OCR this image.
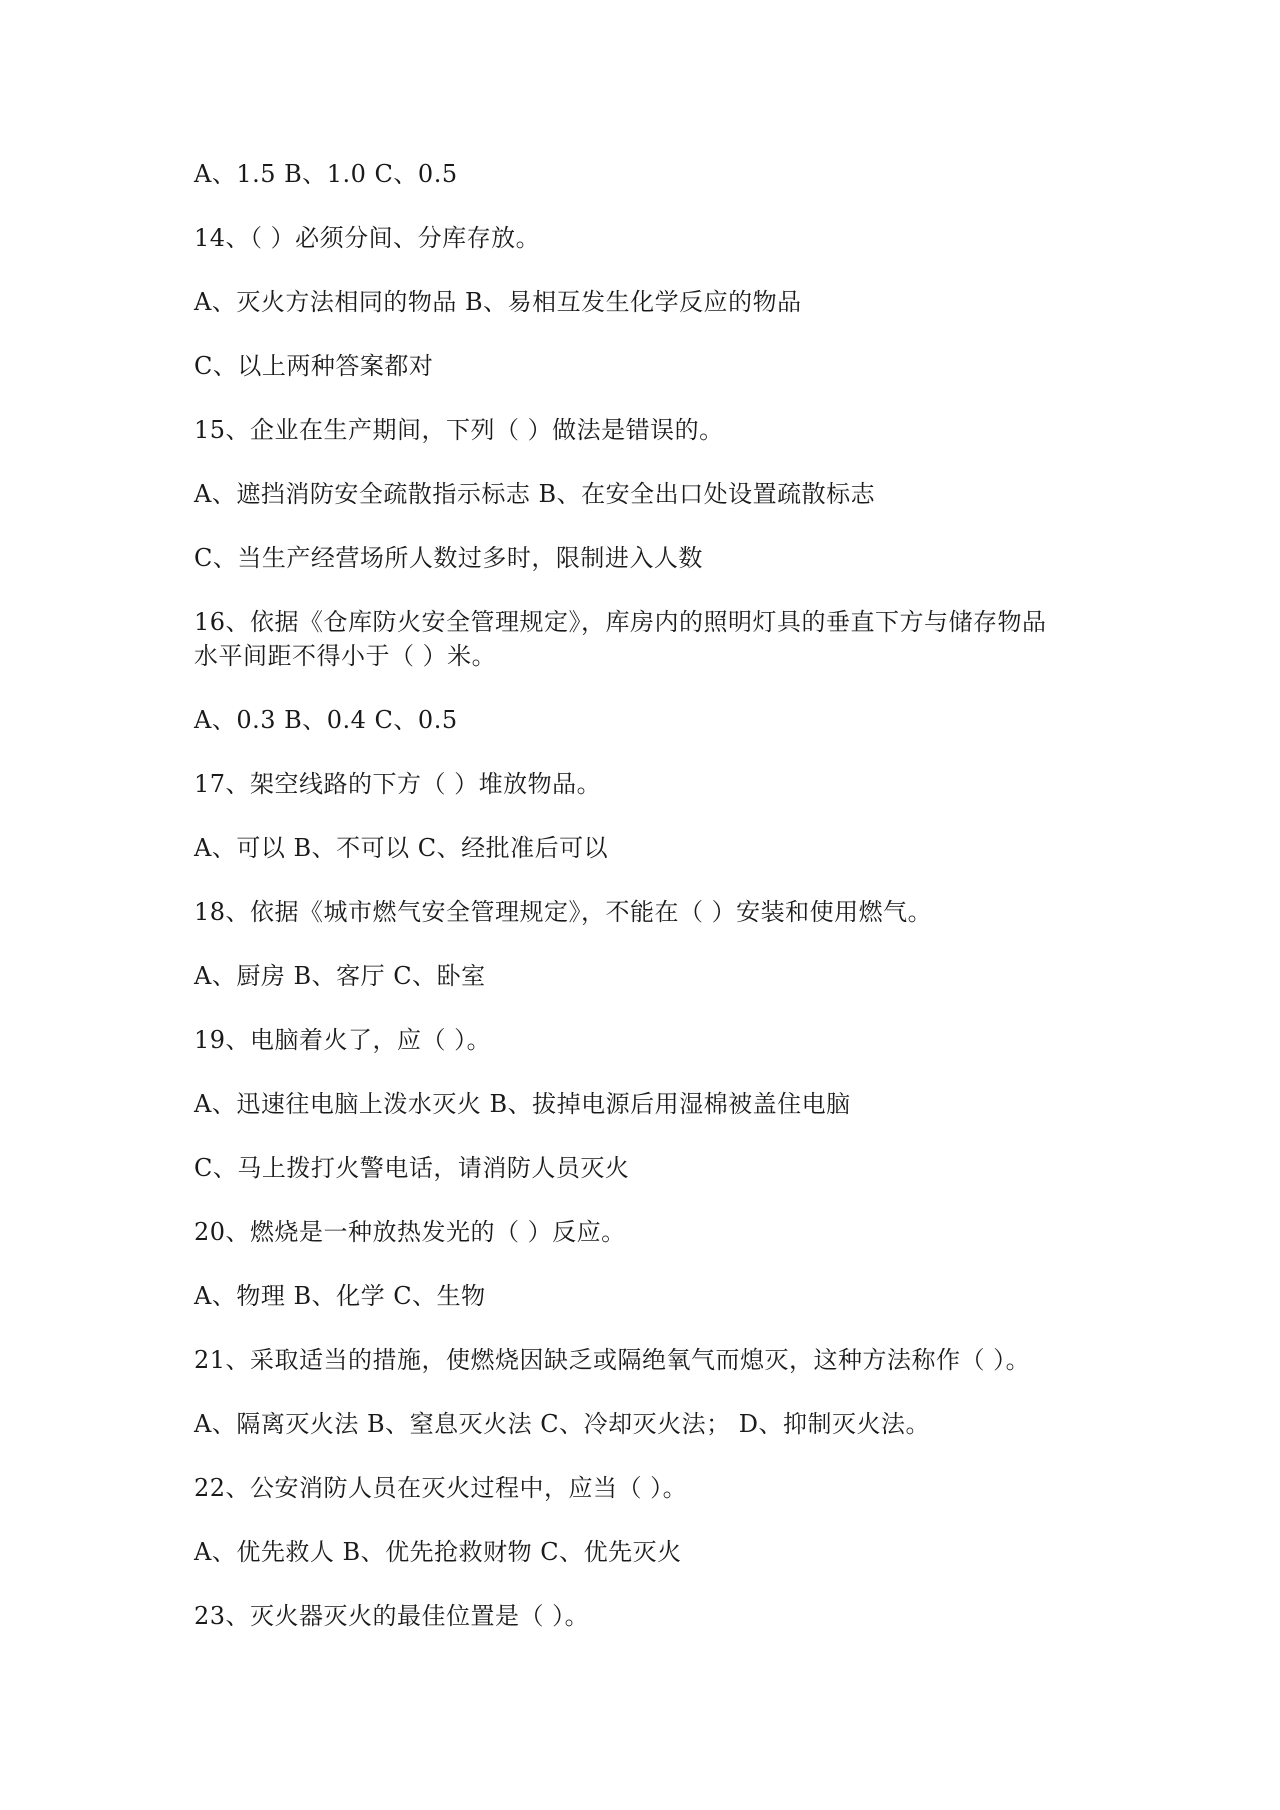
A、1.5 B、1.0 C、0.5
14、（ ）必须分间、分库存放。
A、灭火方法相同的物品 B、易相互发生化学反应的物品
C、以上两种答案都对
15、企业在生产期间，下列（ ）做法是错误的。
A、遮挡消防安全疏散指示标志 B、在安全出口处设置疏散标志
C、当生产经营场所人数过多时，限制进入人数
16、依据《仓库防火安全管理规定》，库房内的照明灯具的垂直下方与储存物品
水平间距不得小于（ ）米。
A、0.3 B、0.4 C、0.5
17、架空线路的下方（ ）堆放物品。
A、可以 B、不可以 C、经批准后可以
18、依据《城市燃气安全管理规定》，不能在（ ）安装和使用燃气。
A、厨房 B、客厅 C、卧室
19、电脑着火了，应（ ）。
A、迅速往电脑上泼水灭火 B、拔掉电源后用湿棉被盖住电脑
C、马上拨打火警电话，请消防人员灭火
20、燃烧是一种放热发光的（ ）反应。
A、物理 B、化学 C、生物
21、采取适当的措施，使燃烧因缺乏或隔绝氧气而熄灭，这种方法称作（ ）。
A、隔离灭火法 B、窒息灭火法 C、冷却灭火法； D、抑制灭火法。
22、公安消防人员在灭火过程中，应当（ ）。
A、优先救人 B、优先抢救财物 C、优先灭火
23、灭火器灭火的最佳位置是（ ）。
